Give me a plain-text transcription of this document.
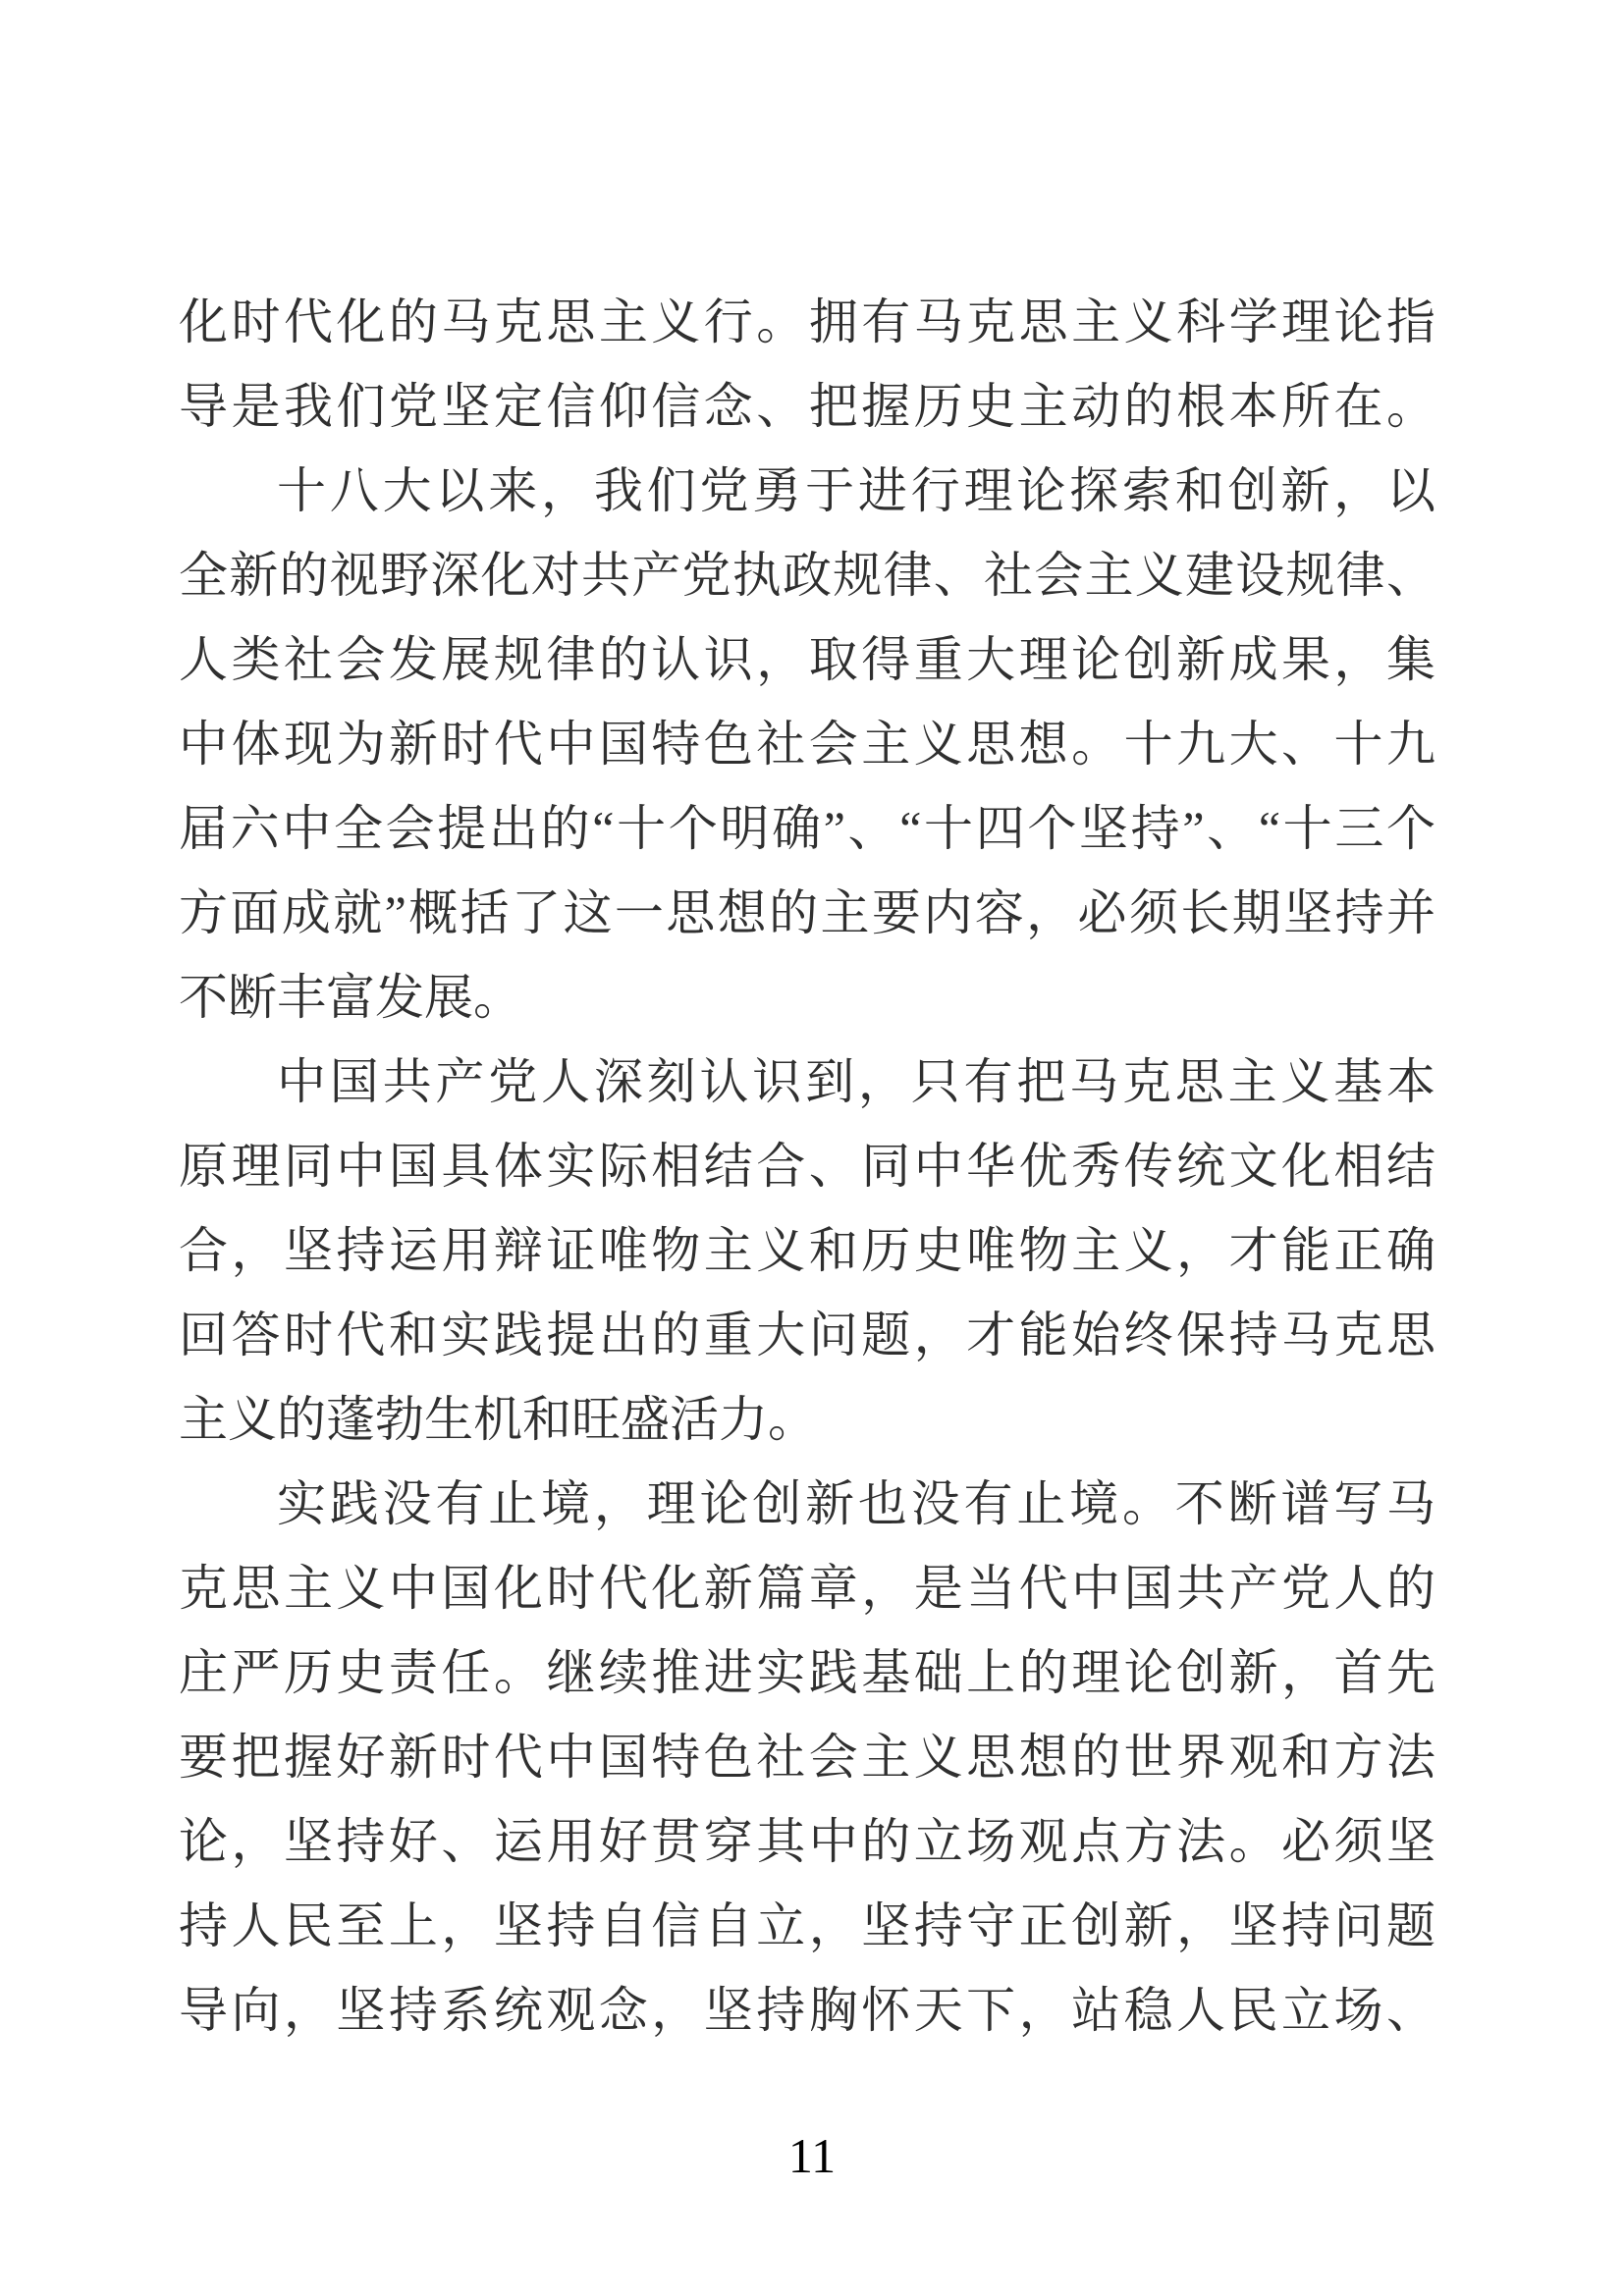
化时代化的马克思主义行。拥有马克思主义科学理论指
导是我们党坚定信仰信念、把握历史主动的根本所在。
十八大以来，我们党勇于进行理论探索和创新，以
全新的视野深化对共产党执政规律、社会主义建设规律、
人类社会发展规律的认识，取得重大理论创新成果，集
中体现为新时代中国特色社会主义思想。十九大、十九
届六中全会提出的“十个明确”、“十四个坚持”、“十三个
方面成就”概括了这一思想的主要内容，必须长期坚持并
不断丰富发展。
中国共产党人深刻认识到，只有把马克思主义基本
原理同中国具体实际相结合、同中华优秀传统文化相结
合，坚持运用辩证唯物主义和历史唯物主义，才能正确
回答时代和实践提出的重大问题，才能始终保持马克思
主义的蓬勃生机和旺盛活力。
实践没有止境，理论创新也没有止境。不断谱写马
克思主义中国化时代化新篇章，是当代中国共产党人的
庄严历史责任。继续推进实践基础上的理论创新，首先
要把握好新时代中国特色社会主义思想的世界观和方法
论，坚持好、运用好贯穿其中的立场观点方法。必须坚
持人民至上，坚持自信自立，坚持守正创新，坚持问题
导向，坚持系统观念，坚持胸怀天下，站稳人民立场、
11
